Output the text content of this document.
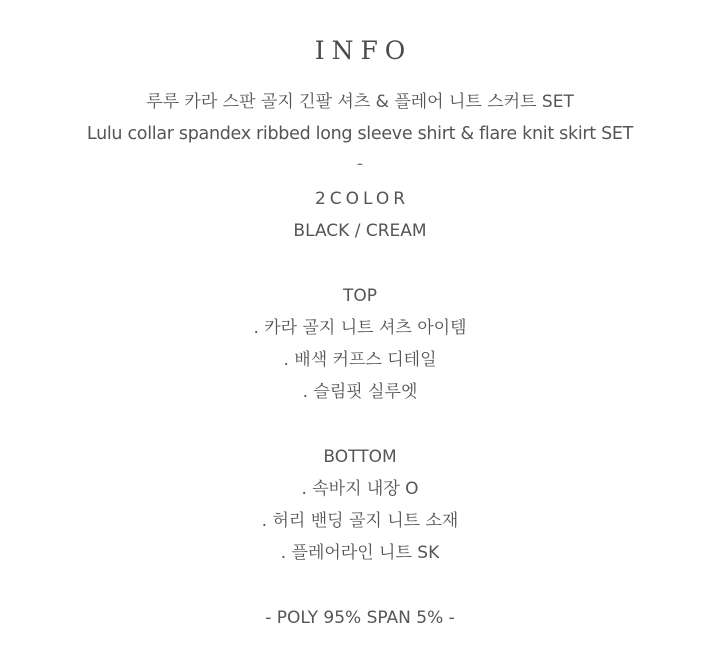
INFO
루루 카라 스판 골지 긴팔 셔츠 & 플레어 니트 스커트 SET
Lulu collar spandex ribbed long sleeve shirt & flare knit skirt SET
-
2COLOR
BLACK / CREAM
TOP
. 카라 골지 니트 셔츠 아이템
. 배색 커프스 디테일
. 슬림핏 실루엣
BOTTOM
. 속바지 내장 O
. 허리 밴딩 골지 니트 소재
. 플레어라인 니트 SK
- POLY 95% SPAN 5% -
